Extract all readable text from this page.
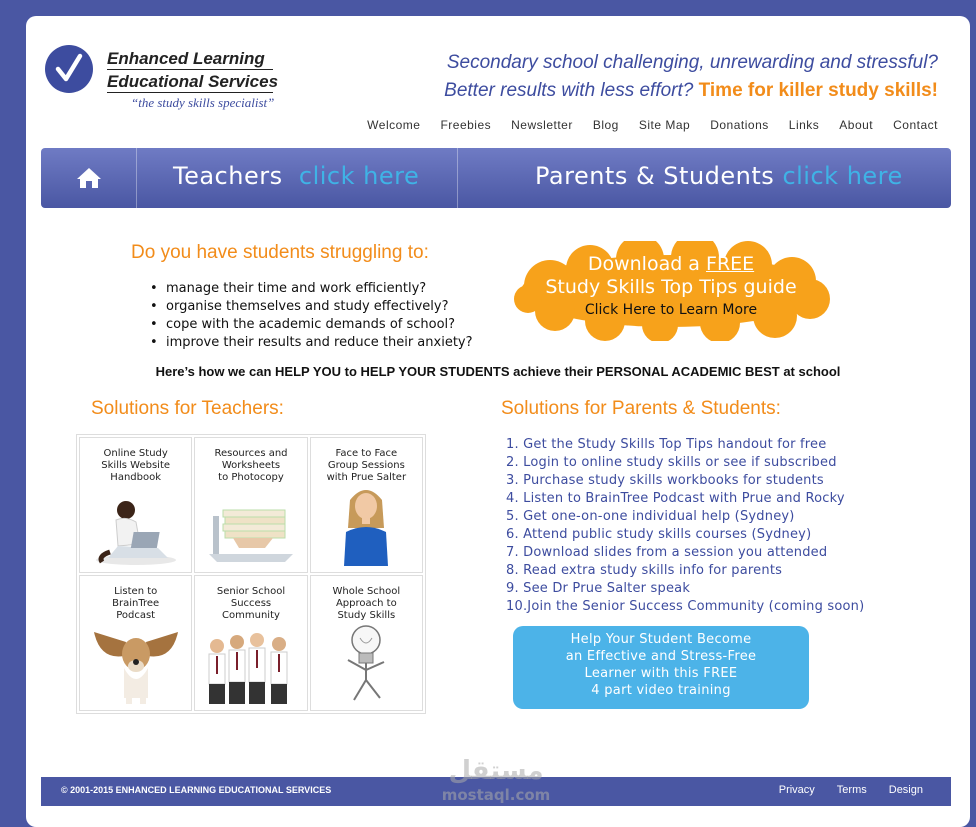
Enhanced Learning
Educational Services
“the study skills specialist”
Secondary school challenging, unrewarding and stressful?
Better results with less effort? Time for killer study skills!
Welcome Freebies Newsletter Blog Site Map Donations Links About Contact
Teachers click here	Parents & Students click here
Do you have students struggling to:
• manage their time and work efficiently?
• organise themselves and study effectively?
• cope with the academic demands of school?
• improve their results and reduce their anxiety?
Download a FREE
Study Skills Top Tips guide
Click Here to Learn More
Here’s how we can HELP YOU to HELP YOUR STUDENTS achieve their PERSONAL ACADEMIC BEST at school
Solutions for Teachers:	Solutions for Parents & Students:
Online Study
Skills Website
Handbook
Resources and
Worksheets
to Photocopy
Face to Face
Group Sessions
with Prue Salter
Listen to
BrainTree
Podcast
Senior School
Success
Community
Whole School
Approach to
Study Skills
1. Get the Study Skills Top Tips handout for free
2. Login to online study skills or see if subscribed
3. Purchase study skills workbooks for students
4. Listen to BrainTree Podcast with Prue and Rocky
5. Get one-on-one individual help (Sydney)
6. Attend public study skills courses (Sydney)
7. Download slides from a session you attended
8. Read extra study skills info for parents
9. See Dr Prue Salter speak
10.Join the Senior Success Community (coming soon)
Help Your Student Become
an Effective and Stress-Free
Learner with this FREE
4 part video training
© 2001-2015 ENHANCED LEARNING EDUCATIONAL SERVICES	Privacy Terms Design
مستقل
mostaql.com
